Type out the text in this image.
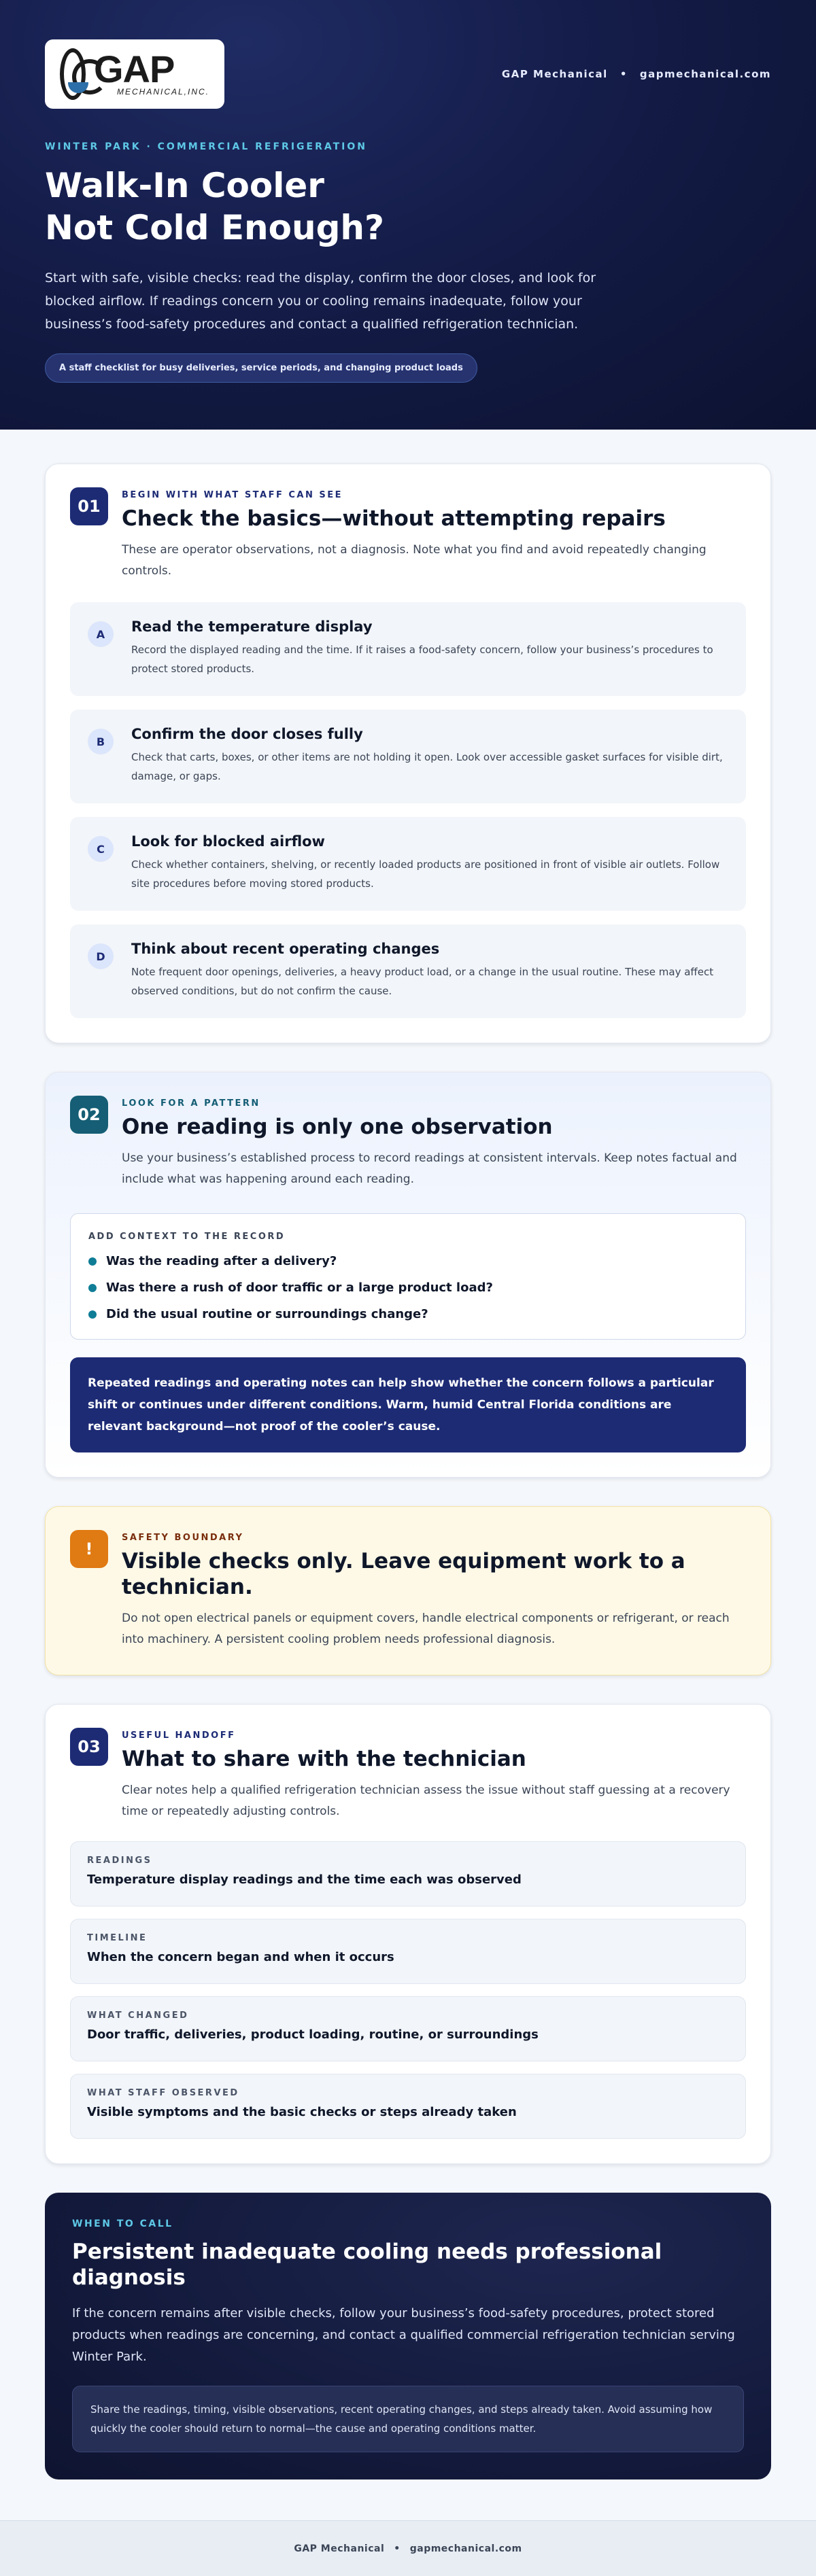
GAP
MECHANICAL,INC.
GAP Mechanical • gapmechanical.com
WINTER PARK · COMMERCIAL REFRIGERATION
Walk-In Cooler
Not Cold Enough?

Start with safe, visible checks: read the display, confirm the door closes, and look for blocked airflow. If readings concern you or cooling remains inadequate, follow your business’s food-safety procedures and contact a qualified refrigeration technician.

A staff checklist for busy deliveries, service periods, and changing product loads
01
BEGIN WITH WHAT STAFF CAN SEE
Check the basics—without attempting repairs

These are operator observations, not a diagnosis. Note what you find and avoid repeatedly changing controls.

A	Read the temperature display
Record the displayed reading and the time. If it raises a food-safety concern, follow your business’s procedures to protect stored products.
B	Confirm the door closes fully
Check that carts, boxes, or other items are not holding it open. Look over accessible gasket surfaces for visible dirt, damage, or gaps.
C	Look for blocked airflow
Check whether containers, shelving, or recently loaded products are positioned in front of visible air outlets. Follow site procedures before moving stored products.
D	Think about recent operating changes
Note frequent door openings, deliveries, a heavy product load, or a change in the usual routine. These may affect observed conditions, but do not confirm the cause.
02
LOOK FOR A PATTERN
One reading is only one observation

Use your business’s established process to record readings at consistent intervals. Keep notes factual and include what was happening around each reading.

ADD CONTEXT TO THE RECORD
Was the reading after a delivery?
Was there a rush of door traffic or a large product load?
Did the usual routine or surroundings change?
Repeated readings and operating notes can help show whether the concern follows a particular shift or continues under different conditions. Warm, humid Central Florida conditions are relevant background—not proof of the cooler’s cause.
!
SAFETY BOUNDARY
Visible checks only. Leave equipment work to a technician.

Do not open electrical panels or equipment covers, handle electrical components or refrigerant, or reach into machinery. A persistent cooling problem needs professional diagnosis.

03
USEFUL HANDOFF
What to share with the technician

Clear notes help a qualified refrigeration technician assess the issue without staff guessing at a recovery time or repeatedly adjusting controls.

READINGS
Temperature display readings and the time each was observed
TIMELINE
When the concern began and when it occurs
WHAT CHANGED
Door traffic, deliveries, product loading, routine, or surroundings
WHAT STAFF OBSERVED
Visible symptoms and the basic checks or steps already taken
WHEN TO CALL
Persistent inadequate cooling needs professional diagnosis

If the concern remains after visible checks, follow your business’s food-safety procedures, protect stored products when readings are concerning, and contact a qualified commercial refrigeration technician serving Winter Park.

Share the readings, timing, visible observations, recent operating changes, and steps already taken. Avoid assuming how quickly the cooler should return to normal—the cause and operating conditions matter.
GAP Mechanical • gapmechanical.com
